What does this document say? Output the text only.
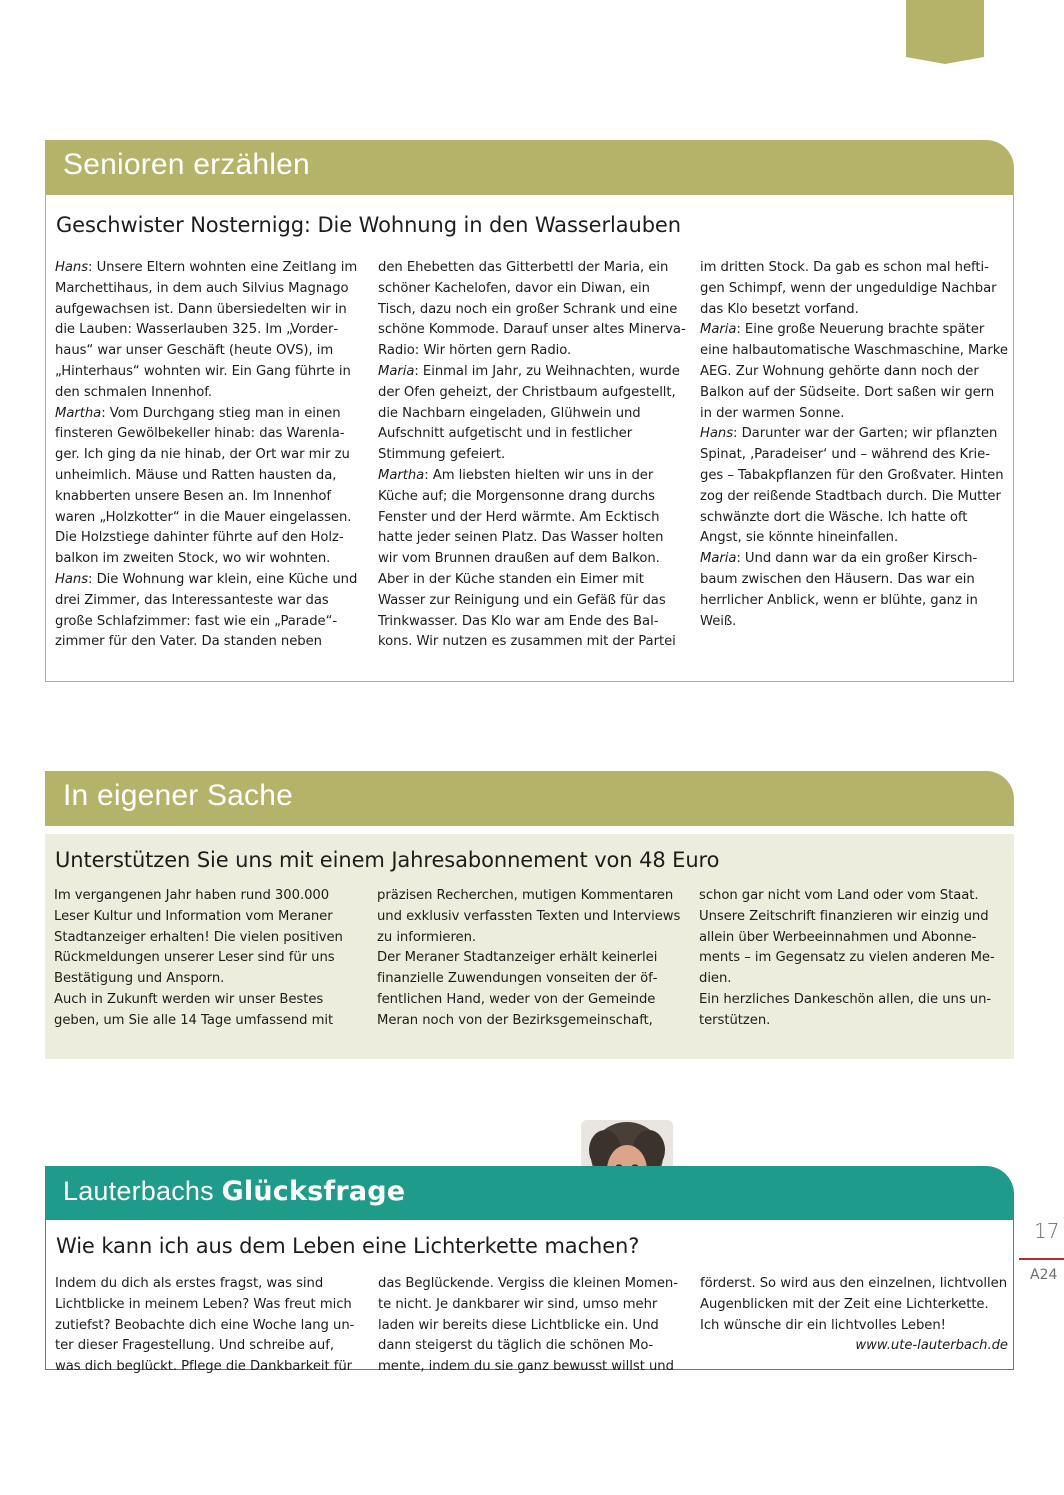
Senioren erzählen
Geschwister Nosternigg: Die Wohnung in den Wasserlauben

Hans: Unsere Eltern wohnten eine Zeitlang im Marchettihaus, in dem auch Silvius Magnago aufgewachsen ist. Dann übersiedelten wir in die Lauben: Wasserlauben 325. Im „Vorderhaus“ war unser Geschäft (heute OVS), im „Hinterhaus“ wohnten wir. Ein Gang führte in den schmalen Innenhof.

Martha: Vom Durchgang stieg man in einen finsteren Gewölbekeller hinab: das Warenlager. Ich ging da nie hinab, der Ort war mir zu unheimlich. Mäuse und Ratten hausten da, knabberten unsere Besen an. Im Innenhof waren „Holzkotter“ in die Mauer eingelassen. Die Holzstiege dahinter führte auf den Holzbalkon im zweiten Stock, wo wir wohnten.

Hans: Die Wohnung war klein, eine Küche und drei Zimmer, das Interessanteste war das große Schlafzimmer: fast wie ein „Parade“-zimmer für den Vater. Da standen neben

den Ehebetten das Gitterbettl der Maria, ein schöner Kachelofen, davor ein Diwan, ein Tisch, dazu noch ein großer Schrank und eine schöne Kommode. Darauf unser altes Minerva-Radio: Wir hörten gern Radio.

Maria: Einmal im Jahr, zu Weihnachten, wurde der Ofen geheizt, der Christbaum aufgestellt, die Nachbarn eingeladen, Glühwein und Aufschnitt aufgetischt und in festlicher Stimmung gefeiert.

Martha: Am liebsten hielten wir uns in der Küche auf; die Morgensonne drang durchs Fenster und der Herd wärmte. Am Ecktisch hatte jeder seinen Platz. Das Wasser holten wir vom Brunnen draußen auf dem Balkon. Aber in der Küche standen ein Eimer mit Wasser zur Reinigung und ein Gefäß für das Trinkwasser. Das Klo war am Ende des Balkons. Wir nutzen es zusammen mit der Partei

im dritten Stock. Da gab es schon mal heftigen Schimpf, wenn der ungeduldige Nachbar das Klo besetzt vorfand.

Maria: Eine große Neuerung brachte später eine halbautomatische Waschmaschine, Marke AEG. Zur Wohnung gehörte dann noch der Balkon auf der Südseite. Dort saßen wir gern in der warmen Sonne.

Hans: Darunter war der Garten; wir pflanzten Spinat, ‚Paradeiser‘ und – während des Krieges – Tabakpflanzen für den Großvater. Hinten zog der reißende Stadtbach durch. Die Mutter schwänzte dort die Wäsche. Ich hatte oft Angst, sie könnte hineinfallen.

Maria: Und dann war da ein großer Kirschbaum zwischen den Häusern. Das war ein herrlicher Anblick, wenn er blühte, ganz in Weiß.

In eigener Sache
Unterstützen Sie uns mit einem Jahresabonnement von 48 Euro

Im vergangenen Jahr haben rund 300.000 Leser Kultur und Information vom Meraner Stadtanzeiger erhalten! Die vielen positiven Rückmeldungen unserer Leser sind für uns Bestätigung und Ansporn.

Auch in Zukunft werden wir unser Bestes geben, um Sie alle 14 Tage umfassend mit

präzisen Recherchen, mutigen Kommentaren und exklusiv verfassten Texten und Interviews zu informieren.

Der Meraner Stadtanzeiger erhält keinerlei finanzielle Zuwendungen vonseiten der öffentlichen Hand, weder von der Gemeinde Meran noch von der Bezirksgemeinschaft,

schon gar nicht vom Land oder vom Staat. Unsere Zeitschrift finanzieren wir einzig und allein über Werbeeinnahmen und Abonnements – im Gegensatz zu vielen anderen Medien.

Ein herzliches Dankeschön allen, die uns unterstützen.

Lauterbachs Glücksfrage
Wie kann ich aus dem Leben eine Lichterkette machen?

Indem du dich als erstes fragst, was sind Lichtblicke in meinem Leben? Was freut mich zutiefst? Beobachte dich eine Woche lang unter dieser Fragestellung. Und schreibe auf, was dich beglückt. Pflege die Dankbarkeit für

das Beglückende. Vergiss die kleinen Momente nicht. Je dankbarer wir sind, umso mehr laden wir bereits diese Lichtblicke ein. Und dann steigerst du täglich die schönen Momente, indem du sie ganz bewusst willst und

förderst. So wird aus den einzelnen, lichtvollen Augenblicken mit der Zeit eine Lichterkette.

Ich wünsche dir ein lichtvolles Leben!

www.ute-lauterbach.de
17
A24
